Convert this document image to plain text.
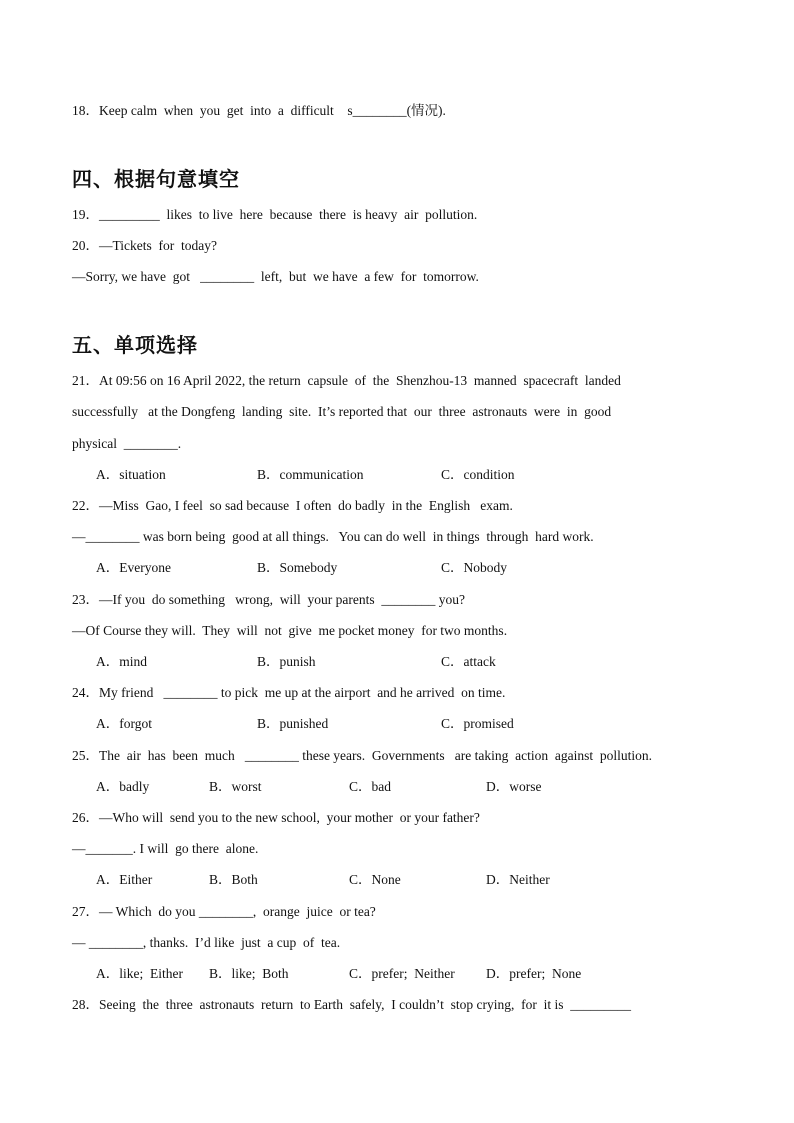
18．Keep calm  when  you  get  into  a  difficult    s________(情况).
四、根据句意填空
19．_________  likes  to live  here  because  there  is heavy  air  pollution.
20．—Tickets  for  today?
—Sorry, we have  got   ________  left,  but  we have  a few  for  tomorrow.
五、单项选择
21．At 09:56 on 16 April 2022, the return  capsule  of  the  Shenzhou-13  manned  spacecraft  landed
successfully   at the Dongfeng  landing  site.  It’s reported that  our  three  astronauts  were  in  good
physical  ________.
A．situation	B．communication	C．condition
22．—Miss  Gao, I feel  so sad because  I often  do badly  in the  English   exam.
—________ was born being  good at all things.   You can do well  in things  through  hard work.
A．Everyone	B．Somebody	C．Nobody
23．—If you  do something   wrong,  will  your parents  ________ you?
—Of Course they will.  They  will  not  give  me pocket money  for two months.
A．mind	B．punish	C．attack
24．My friend   ________ to pick  me up at the airport  and he arrived  on time.
A．forgot	B．punished	C．promised
25．The  air  has  been  much   ________ these years.  Governments   are taking  action  against  pollution.
A．badly	B．worst	C．bad	D．worse
26．—Who will  send you to the new school,  your mother  or your father?
—_______. I will  go there  alone.
A．Either	B．Both	C．None	D．Neither
27．— Which  do you ________,  orange  juice  or tea?
— ________, thanks.  I’d like  just  a cup  of  tea.
A．like;  Either B．like;  Both	C．prefer;  Neither D．prefer;  None
28．Seeing  the  three  astronauts  return  to Earth  safely,  I couldn’t  stop crying,  for  it is  _________
